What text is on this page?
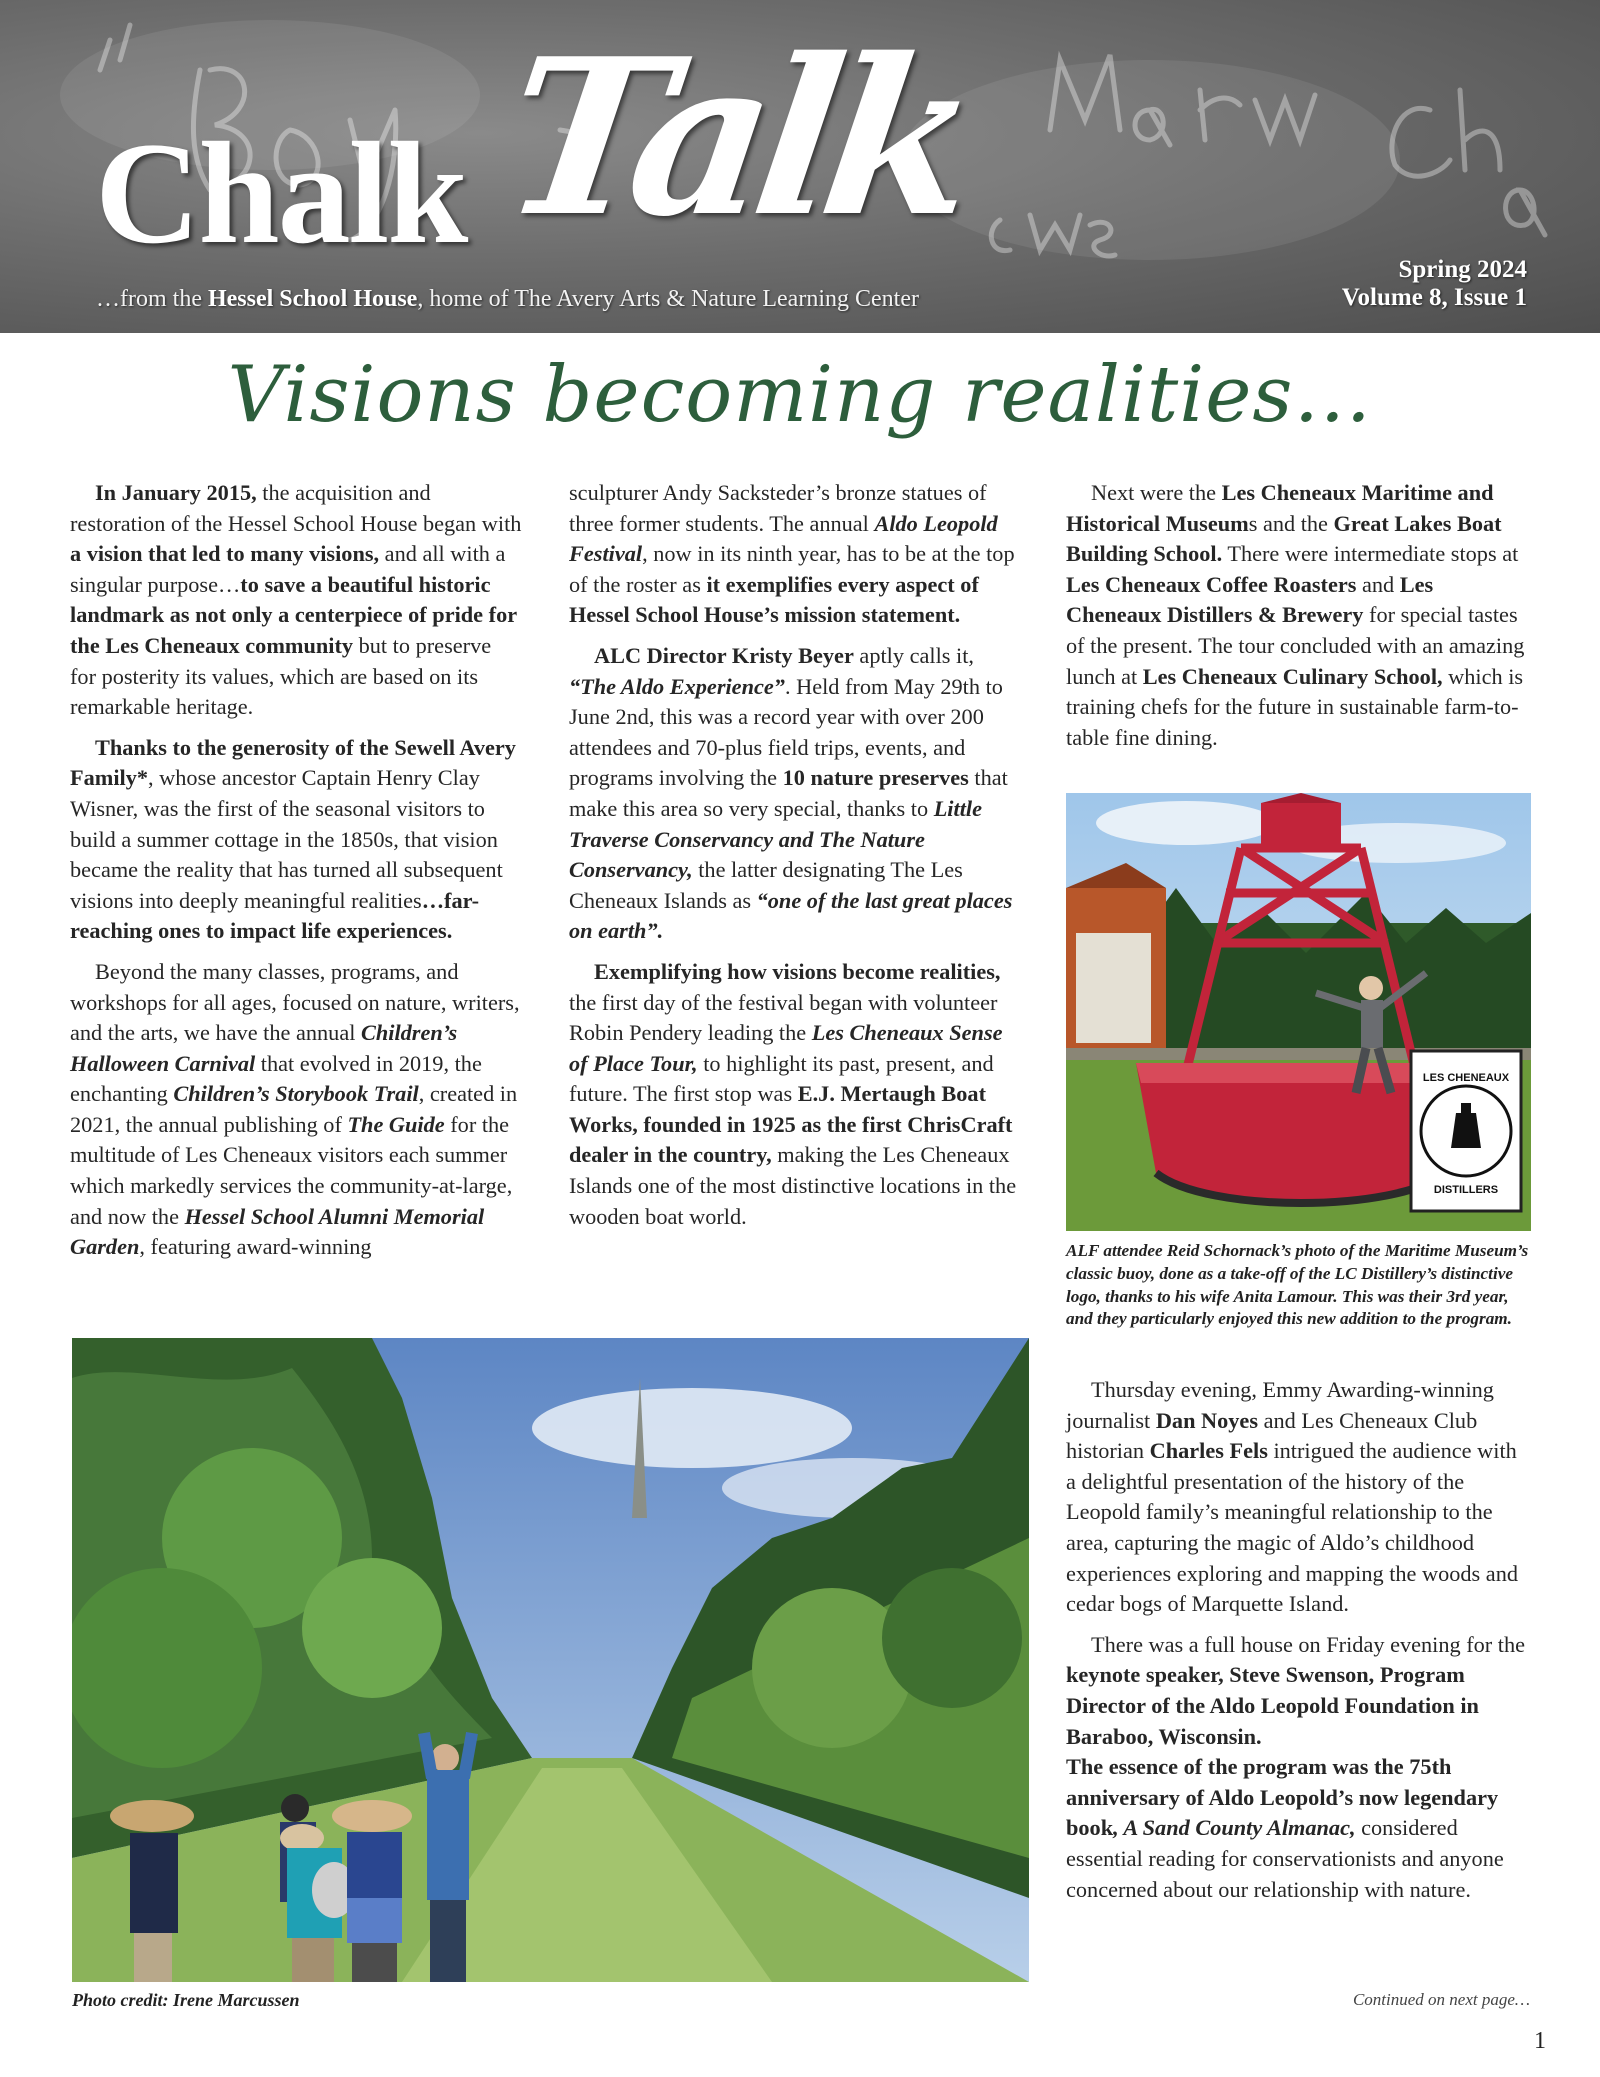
Chalk Talk
…from the Hessel School House, home of The Avery Arts & Nature Learning Center
Spring 2024
Volume 8, Issue 1
Visions becoming realities…

In January 2015, the acquisition and restoration of the Hessel School House began with a vision that led to many visions, and all with a singular purpose…to save a beautiful historic landmark as not only a centerpiece of pride for the Les Cheneaux community but to preserve for posterity its values, which are based on its remarkable heritage.

Thanks to the generosity of the Sewell Avery Family*, whose ancestor Captain Henry Clay Wisner, was the first of the seasonal visitors to build a summer cottage in the 1850s, that vision became the reality that has turned all subsequent visions into deeply meaningful realities…far-reaching ones to impact life experiences.

Beyond the many classes, programs, and workshops for all ages, focused on nature, writers, and the arts, we have the annual Children’s Halloween Carnival that evolved in 2019, the enchanting Children’s Storybook Trail, created in 2021, the annual publishing of The Guide for the multitude of Les Cheneaux visitors each summer which markedly services the community-at-large, and now the Hessel School Alumni Memorial Garden, featuring award-winning

sculpturer Andy Sacksteder’s bronze statues of three former students. The annual Aldo Leopold Festival, now in its ninth year, has to be at the top of the roster as it exemplifies every aspect of Hessel School House’s mission statement.

ALC Director Kristy Beyer aptly calls it, “The Aldo Experience”. Held from May 29th to June 2nd, this was a record year with over 200 attendees and 70-plus field trips, events, and programs involving the 10 nature preserves that make this area so very special, thanks to Little Traverse Conservancy and The Nature Conservancy, the latter designating The Les Cheneaux Islands as “one of the last great places on earth”.

Exemplifying how visions become realities, the first day of the festival began with volunteer Robin Pendery leading the Les Cheneaux Sense of Place Tour, to highlight its past, present, and future. The first stop was E.J. Mertaugh Boat Works, founded in 1925 as the first ChrisCraft dealer in the country, making the Les Cheneaux Islands one of the most distinctive locations in the wooden boat world.

Next were the Les Cheneaux Maritime and Historical Museums and the Great Lakes Boat Building School. There were intermediate stops at Les Cheneaux Coffee Roasters and Les Cheneaux Distillers & Brewery for special tastes of the present. The tour concluded with an amazing lunch at Les Cheneaux Culinary School, which is training chefs for the future in sustainable farm-to-table fine dining.

LES CHENEAUX
DISTILLERS
ALF attendee Reid Schornack’s photo of the Maritime Museum’s classic buoy, done as a take-off of the LC Distillery’s distinctive logo, thanks to his wife Anita Lamour. This was their 3rd year, and they particularly enjoyed this new addition to the program.

Thursday evening, Emmy Awarding-winning journalist Dan Noyes and Les Cheneaux Club historian Charles Fels intrigued the audience with a delightful presentation of the history of the Leopold family’s meaningful relationship to the area, capturing the magic of Aldo’s childhood experiences exploring and mapping the woods and cedar bogs of Marquette Island.

There was a full house on Friday evening for the keynote speaker, Steve Swenson, Program Director of the Aldo Leopold Foundation in Baraboo, Wisconsin.
The essence of the program was the 75th anniversary of Aldo Leopold’s now legendary book, A Sand County Almanac, considered essential reading for conservationists and anyone concerned about our relationship with nature.

Photo credit: Irene Marcussen	Continued on next page…
1
